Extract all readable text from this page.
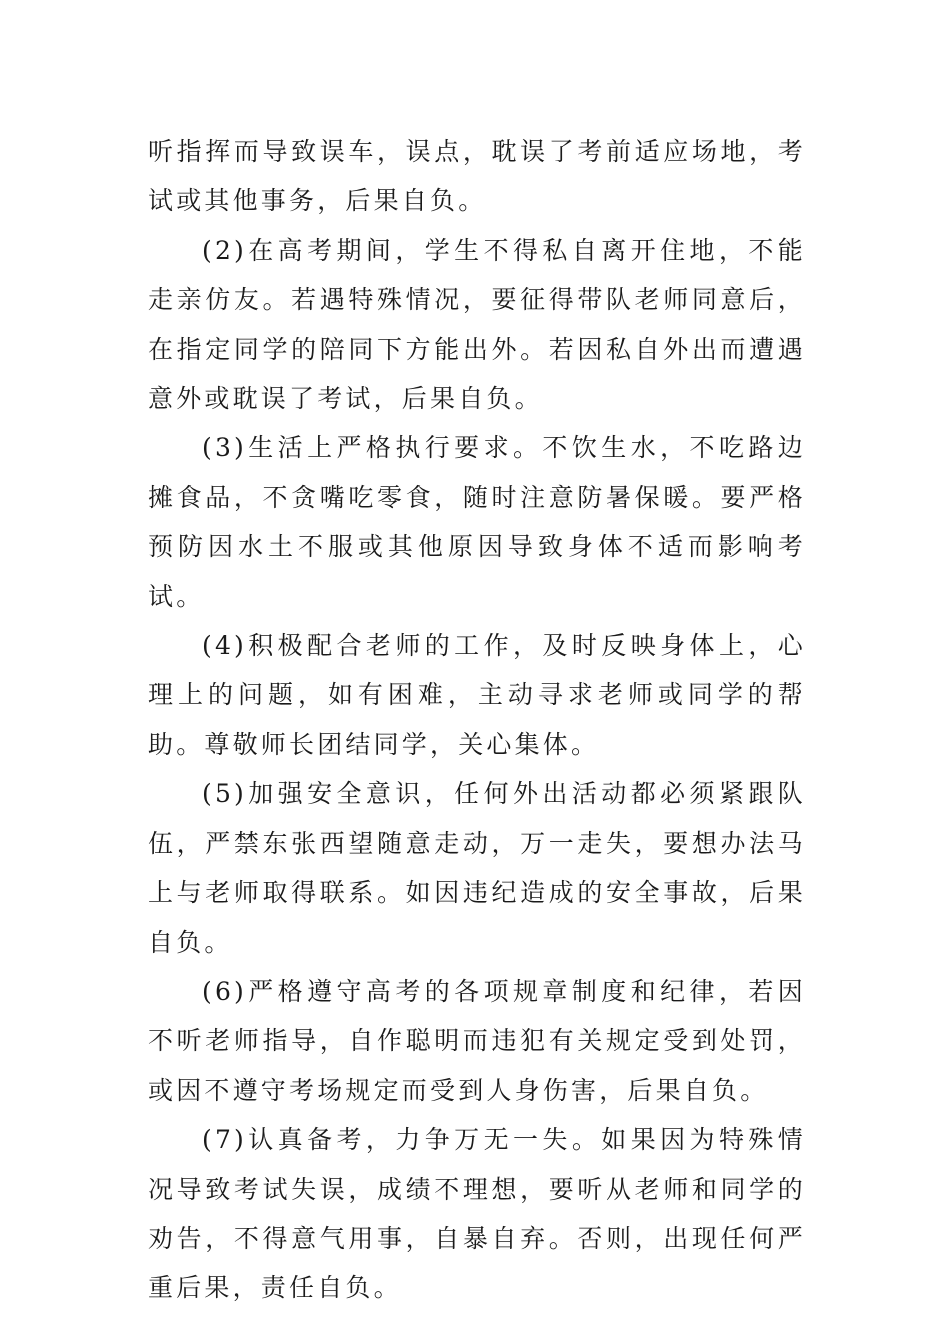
听指挥而导致误车，误点，耽误了考前适应场地，考试或其他事务，后果自负。

(2)在高考期间，学生不得私自离开住地，不能走亲仿友。若遇特殊情况，要征得带队老师同意后，在指定同学的陪同下方能出外。若因私自外出而遭遇意外或耽误了考试，后果自负。

(3)生活上严格执行要求。不饮生水，不吃路边摊食品，不贪嘴吃零食，随时注意防暑保暖。要严格预防因水土不服或其他原因导致身体不适而影响考试。

(4)积极配合老师的工作，及时反映身体上，心理上的问题，如有困难，主动寻求老师或同学的帮助。尊敬师长团结同学，关心集体。

(5)加强安全意识，任何外出活动都必须紧跟队伍，严禁东张西望随意走动，万一走失，要想办法马上与老师取得联系。如因违纪造成的安全事故，后果自负。

(6)严格遵守高考的各项规章制度和纪律，若因不听老师指导，自作聪明而违犯有关规定受到处罚，或因不遵守考场规定而受到人身伤害，后果自负。

(7)认真备考，力争万无一失。如果因为特殊情况导致考试失误，成绩不理想，要听从老师和同学的劝告，不得意气用事，自暴自弃。否则，出现任何严重后果，责任自负。
